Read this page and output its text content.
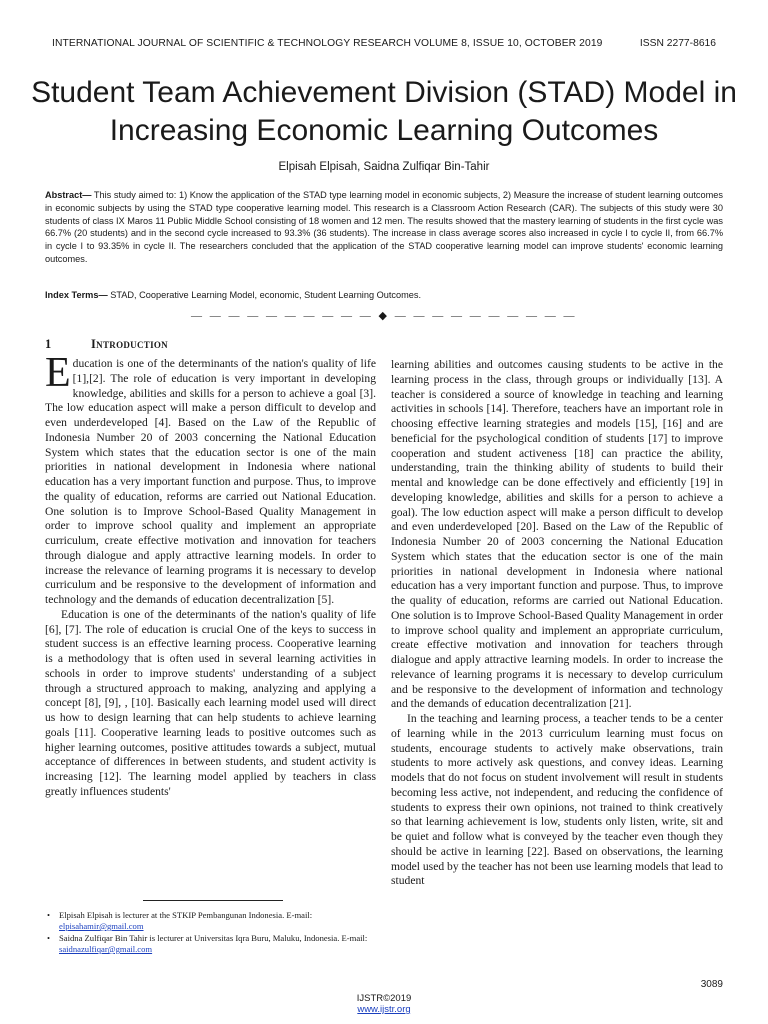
INTERNATIONAL JOURNAL OF SCIENTIFIC & TECHNOLOGY RESEARCH VOLUME 8, ISSUE 10, OCTOBER 2019	ISSN 2277-8616
Student Team Achievement Division (STAD) Model in Increasing Economic Learning Outcomes
Elpisah Elpisah, Saidna Zulfiqar Bin-Tahir

Abstract— This study aimed to: 1) Know the application of the STAD type learning model in economic subjects, 2) Measure the increase of student learning outcomes in economic subjects by using the STAD type cooperative learning model. This research is a Classroom Action Research (CAR). The subjects of this study were 30 students of class IX Maros 11 Public Middle School consisting of 18 women and 12 men. The results showed that the mastery learning of students in the first cycle was 66.7% (20 students) and in the second cycle increased to 93.3% (36 students). The increase in class average scores also increased in cycle I to cycle II, from 66.7% in cycle I to 93.35% in cycle II. The researchers concluded that the application of the STAD cooperative learning model can improve students' economic learning outcomes.

Index Terms— STAD, Cooperative Learning Model, economic, Student Learning Outcomes.

— — — — — — — — — — ◆ — — — — — — — — — —
1	Introduction

Education is one of the determinants of the nation's quality of life [1],[2]. The role of education is very important in developing knowledge, abilities and skills for a person to achieve a goal [3]. The low education aspect will make a person difficult to develop and even underdeveloped [4]. Based on the Law of the Republic of Indonesia Number 20 of 2003 concerning the National Education System which states that the education sector is one of the main priorities in national development in Indonesia where national education has a very important function and purpose. Thus, to improve the quality of education, reforms are carried out National Education. One solution is to Improve School-Based Quality Management in order to improve school quality and implement an appropriate curriculum, create effective motivation and innovation for teachers through dialogue and apply attractive learning models. In order to increase the relevance of learning programs it is necessary to develop curriculum and be responsive to the development of information and technology and the demands of education decentralization [5].

Education is one of the determinants of the nation's quality of life [6], [7]. The role of education is crucial One of the keys to success in student success is an effective learning process. Cooperative learning is a methodology that is often used in several learning activities in schools in order to improve students' understanding of a subject through a structured approach to making, analyzing and applying a concept [8], [9], , [10]. Basically each learning model used will direct us how to design learning that can help students to achieve learning goals [11]. Cooperative learning leads to positive outcomes such as higher learning outcomes, positive attitudes towards a subject, mutual acceptance of differences in between students, and student activity is increasing [12]. The learning model applied by teachers in class greatly influences students'

learning abilities and outcomes causing students to be active in the learning process in the class, through groups or individually [13]. A teacher is considered a source of knowledge in teaching and learning activities in schools [14]. Therefore, teachers have an important role in choosing effective learning strategies and models [15], [16] and are beneficial for the psychological condition of students [17] to improve cooperation and student activeness [18] can practice the ability, understanding, train the thinking ability of students to build their mental and knowledge can be done effectively and efficiently [19] in developing knowledge, abilities and skills for a person to achieve a goal). The low eduction aspect will make a person difficult to develop and even underdeveloped [20]. Based on the Law of the Republic of Indonesia Number 20 of 2003 concerning the National Education System which states that the education sector is one of the main priorities in national development in Indonesia where national education has a very important function and purpose. Thus, to improve the quality of education, reforms are carried out National Education. One solution is to Improve School-Based Quality Management in order to improve school quality and implement an appropriate curriculum, create effective motivation and innovation for teachers through dialogue and apply attractive learning models. In order to increase the relevance of learning programs it is necessary to develop curriculum and be responsive to the development of information and technology and the demands of education decentralization [21].

In the teaching and learning process, a teacher tends to be a center of learning while in the 2013 curriculum learning must focus on students, encourage students to actively make observations, train students to more actively ask questions, and convey ideas. Learning models that do not focus on student involvement will result in students becoming less active, not independent, and reducing the confidence of students to express their own opinions, not trained to think creatively so that learning achievement is low, students only listen, write, sit and be quiet and follow what is conveyed by the teacher even though they should be active in learning [22]. Based on observations, the learning model used by the teacher has not been use learning models that lead to student

• Elpisah Elpisah is lecturer at the STKIP Pembangunan Indonesia. E-mail: elpisahamir@gmail.com
• Saidna Zulfiqar Bin Tahir is lecturer at Universitas Iqra Buru, Maluku, Indonesia. E-mail: saidnazulfiqar@gmail.com
3089
IJSTR©2019
www.ijstr.org
